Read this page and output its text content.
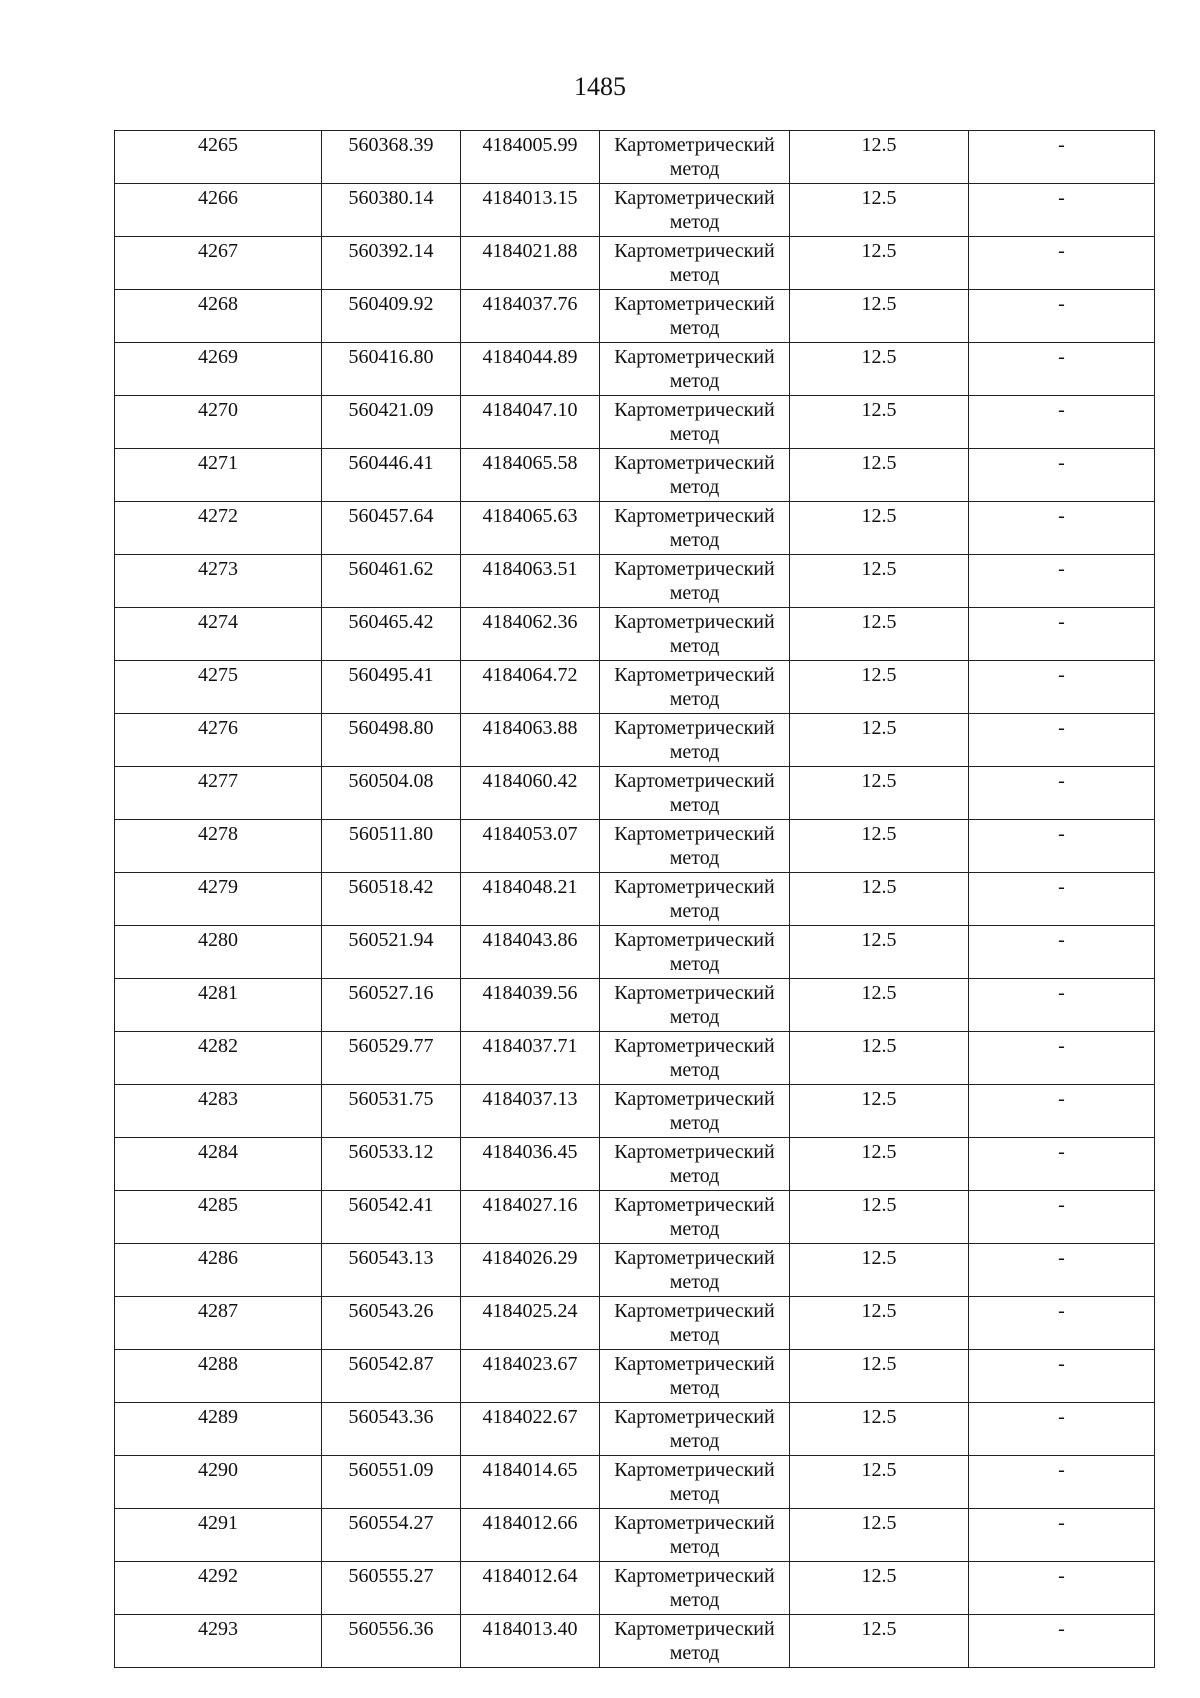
1485
4265	560368.39	4184005.99	Картометрический метод	12.5	-

4266	560380.14	4184013.15	Картометрический метод	12.5	-

4267	560392.14	4184021.88	Картометрический метод	12.5	-

4268	560409.92	4184037.76	Картометрический метод	12.5	-

4269	560416.80	4184044.89	Картометрический метод	12.5	-

4270	560421.09	4184047.10	Картометрический метод	12.5	-

4271	560446.41	4184065.58	Картометрический метод	12.5	-

4272	560457.64	4184065.63	Картометрический метод	12.5	-

4273	560461.62	4184063.51	Картометрический метод	12.5	-

4274	560465.42	4184062.36	Картометрический метод	12.5	-

4275	560495.41	4184064.72	Картометрический метод	12.5	-

4276	560498.80	4184063.88	Картометрический метод	12.5	-

4277	560504.08	4184060.42	Картометрический метод	12.5	-

4278	560511.80	4184053.07	Картометрический метод	12.5	-

4279	560518.42	4184048.21	Картометрический метод	12.5	-

4280	560521.94	4184043.86	Картометрический метод	12.5	-

4281	560527.16	4184039.56	Картометрический метод	12.5	-

4282	560529.77	4184037.71	Картометрический метод	12.5	-

4283	560531.75	4184037.13	Картометрический метод	12.5	-

4284	560533.12	4184036.45	Картометрический метод	12.5	-

4285	560542.41	4184027.16	Картометрический метод	12.5	-

4286	560543.13	4184026.29	Картометрический метод	12.5	-

4287	560543.26	4184025.24	Картометрический метод	12.5	-

4288	560542.87	4184023.67	Картометрический метод	12.5	-

4289	560543.36	4184022.67	Картометрический метод	12.5	-

4290	560551.09	4184014.65	Картометрический метод	12.5	-

4291	560554.27	4184012.66	Картометрический метод	12.5	-

4292	560555.27	4184012.64	Картометрический метод	12.5	-

4293	560556.36	4184013.40	Картометрический метод	12.5	-
